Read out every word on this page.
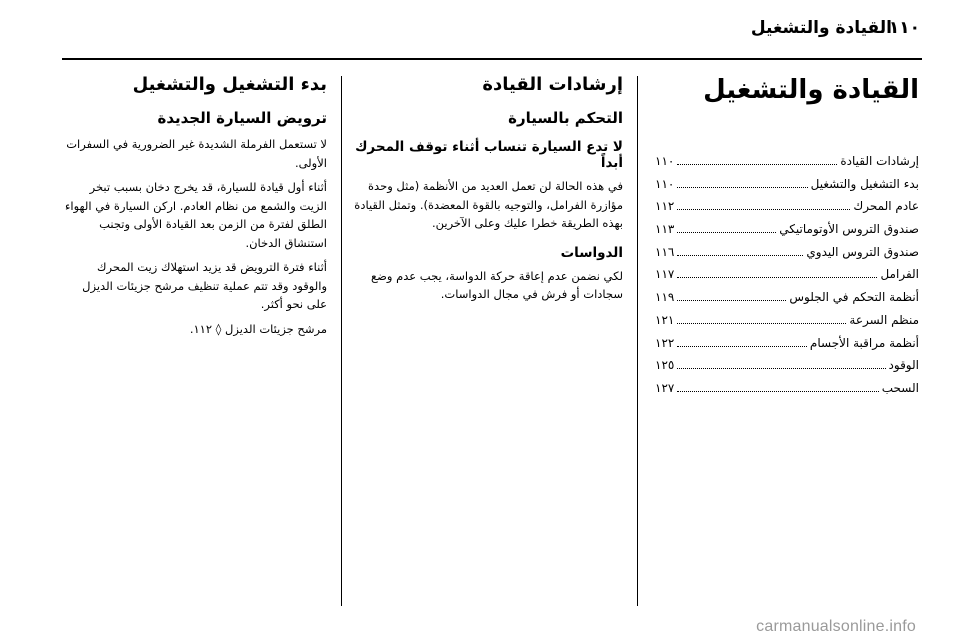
القيادة والتشغيل
١١٠
القيادة والتشغيل
إرشادات القيادة
١١٠
بدء التشغيل والتشغيل
١١٠
عادم المحرك
١١٢
صندوق التروس الأوتوماتيكي
١١٣
صندوق التروس اليدوي
١١٦
الفرامل
١١٧
أنظمة التحكم في الجلوس
١١٩
منظم السرعة
١٢١
أنظمة مراقبة الأجسام
١٢٢
الوقود
١٢٥
السحب
١٢٧
إرشادات القيادة
التحكم بالسيارة
لا تدع السيارة تنساب أثناء توقف المحرك أبداً

في هذه الحالة لن تعمل العديد من الأنظمة (مثل وحدة مؤازرة الفرامل، والتوجيه بالقوة المعضدة). وتمثل القيادة بهذه الطريقة خطرا عليك وعلى الآخرين.

الدواسات

لكي نضمن عدم إعاقة حركة الدواسة، يجب عدم وضع سجادات أو فرش في مجال الدواسات.

بدء التشغيل والتشغيل
ترويض السيارة الجديدة

لا تستعمل الفرملة الشديدة غير الضرورية في السفرات الأولى.

أثناء أول قيادة للسيارة، قد يخرج دخان بسبب تبخر الزيت والشمع من نظام العادم. اركن السيارة في الهواء الطلق لفترة من الزمن بعد القيادة الأولى وتجنب استنشاق الدخان.

أثناء فترة الترويض قد يزيد استهلاك زيت المحرك والوقود وقد تتم عملية تنظيف مرشح جزيئات الديزل على نحو أكثر.

مرشح جزيئات الديزل ◊ ١١٢.

carmanualsonline.info
